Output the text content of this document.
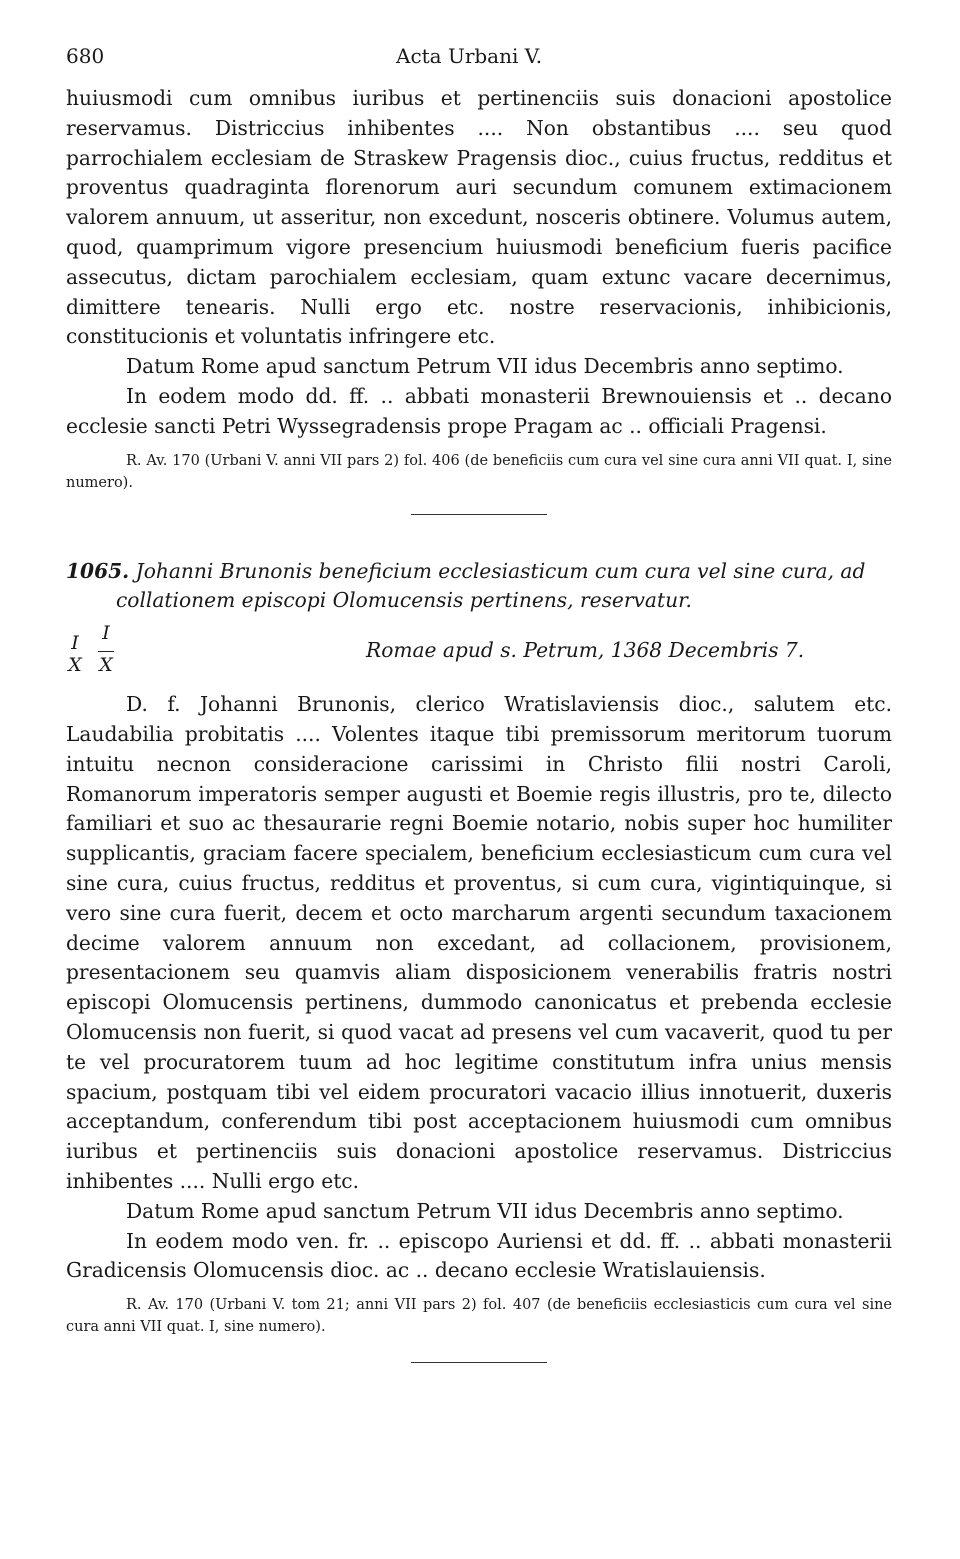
680	Acta Urbani V.

huiusmodi cum omnibus iuribus et pertinenciis suis donacioni apostolice reservamus. Districcius inhibentes .... Non obstantibus .... seu quod parrochialem ecclesiam de Straskew Pragensis dioc., cuius fructus, redditus et proventus quadraginta florenorum auri secundum comunem extimacionem valorem annuum, ut asseritur, non excedunt, nosceris obtinere. Volumus autem, quod, quamprimum vigore presencium huiusmodi beneficium fueris pacifice assecutus, dictam parochialem ecclesiam, quam extunc vacare decernimus, dimittere tenearis. Nulli ergo etc. nostre reservacionis, inhibicionis, constitucionis et voluntatis infringere etc.

Datum Rome apud sanctum Petrum VII idus Decembris anno septimo.

In eodem modo dd. ff. .. abbati monasterii Brewnouiensis et .. decano ecclesie sancti Petri Wyssegradensis prope Pragam ac .. officiali Pragensi.

R. Av. 170 (Urbani V. anni VII pars 2) fol. 406 (de beneficiis cum cura vel sine cura anni VII quat. I, sine numero).

1065. Johanni Brunonis beneficium ecclesiasticum cum cura vel sine cura, ad collationem episcopi Olomucensis pertinens, reservatur.

I I
X X
Romae apud s. Petrum, 1368 Decembris 7.

D. f. Johanni Brunonis, clerico Wratislaviensis dioc., salutem etc. Laudabilia probitatis .... Volentes itaque tibi premissorum meritorum tuorum intuitu necnon consideracione carissimi in Christo filii nostri Caroli, Romanorum imperatoris semper augusti et Boemie regis illustris, pro te, dilecto familiari et suo ac thesaurarie regni Boemie notario, nobis super hoc humiliter supplicantis, graciam facere specialem, beneficium ecclesiasticum cum cura vel sine cura, cuius fructus, redditus et proventus, si cum cura, vigintiquinque, si vero sine cura fuerit, decem et octo marcharum argenti secundum taxacionem decime valorem annuum non excedant, ad collacionem, provisionem, presentacionem seu quamvis aliam disposicionem venerabilis fratris nostri episcopi Olomucensis pertinens, dummodo canonicatus et prebenda ecclesie Olomucensis non fuerit, si quod vacat ad presens vel cum vacaverit, quod tu per te vel procuratorem tuum ad hoc legitime constitutum infra unius mensis spacium, postquam tibi vel eidem procuratori vacacio illius innotuerit, duxeris acceptandum, conferendum tibi post acceptacionem huiusmodi cum omnibus iuribus et pertinenciis suis donacioni apostolice reservamus. Districcius inhibentes .... Nulli ergo etc.

Datum Rome apud sanctum Petrum VII idus Decembris anno septimo.

In eodem modo ven. fr. .. episcopo Auriensi et dd. ff. .. abbati monasterii Gradicensis Olomucensis dioc. ac .. decano ecclesie Wratislauiensis.

R. Av. 170 (Urbani V. tom 21; anni VII pars 2) fol. 407 (de beneficiis ecclesiasticis cum cura vel sine cura anni VII quat. I, sine numero).
